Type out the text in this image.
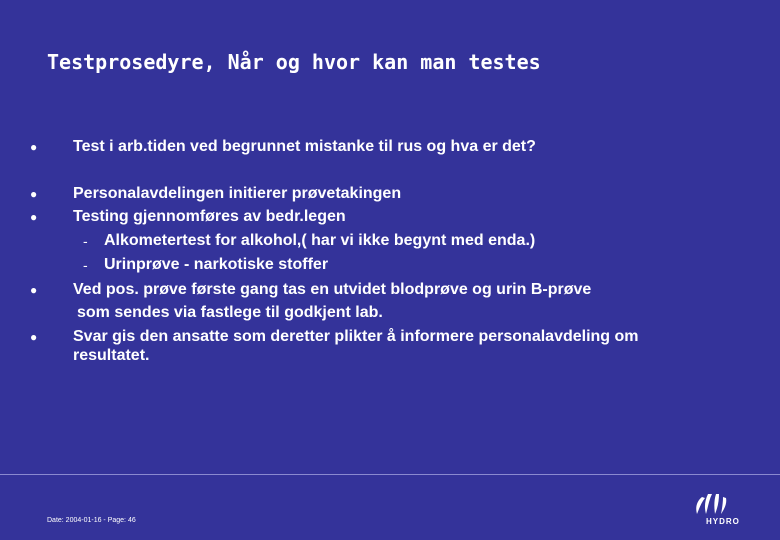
Testprosedyre, Når og hvor kan man testes
● Test i arb.tiden ved begrunnet mistanke til rus og hva er det?
● Personalavdelingen initierer prøvetakingen
● Testing gjennomføres av bedr.legen
- Alkometertest for alkohol,( har vi ikke begynt med enda.)
- Urinprøve - narkotiske stoffer
● Ved pos. prøve første gang tas en utvidet blodprøve og urin B-prøve
som sendes via fastlege til godkjent lab.
● Svar gis den ansatte som deretter plikter å informere personalavdeling om
resultatet.
Date: 2004-01-16 - Page: 46	HYDRO
